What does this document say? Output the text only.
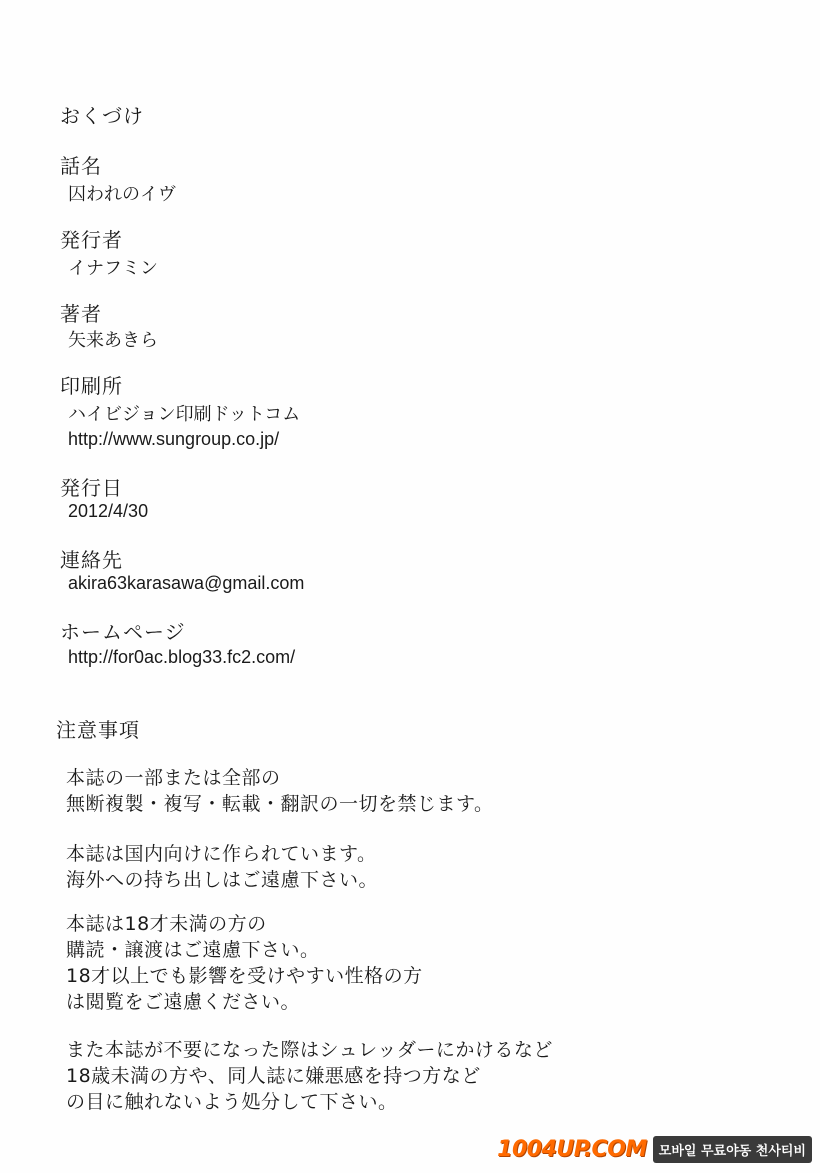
おくづけ
話名
囚われのイヴ
発行者
イナフミン
著者
矢来あきら
印刷所
ハイビジョン印刷ドットコム
http://www.sungroup.co.jp/
発行日
2012/4/30
連絡先
akira63karasawa@gmail.com
ホームページ
http://for0ac.blog33.fc2.com/
注意事項
本誌の一部または全部の
無断複製・複写・転載・翻訳の一切を禁じます。
本誌は国内向けに作られています。
海外への持ち出しはご遠慮下さい。
本誌は18才未満の方の
購読・譲渡はご遠慮下さい。
18才以上でも影響を受けやすい性格の方
は閲覧をご遠慮ください。
また本誌が不要になった際はシュレッダーにかけるなど
18歳未満の方や、同人誌に嫌悪感を持つ方など
の目に触れないよう処分して下さい。
1004UP.COM 모바일 무료야동 천사티비
